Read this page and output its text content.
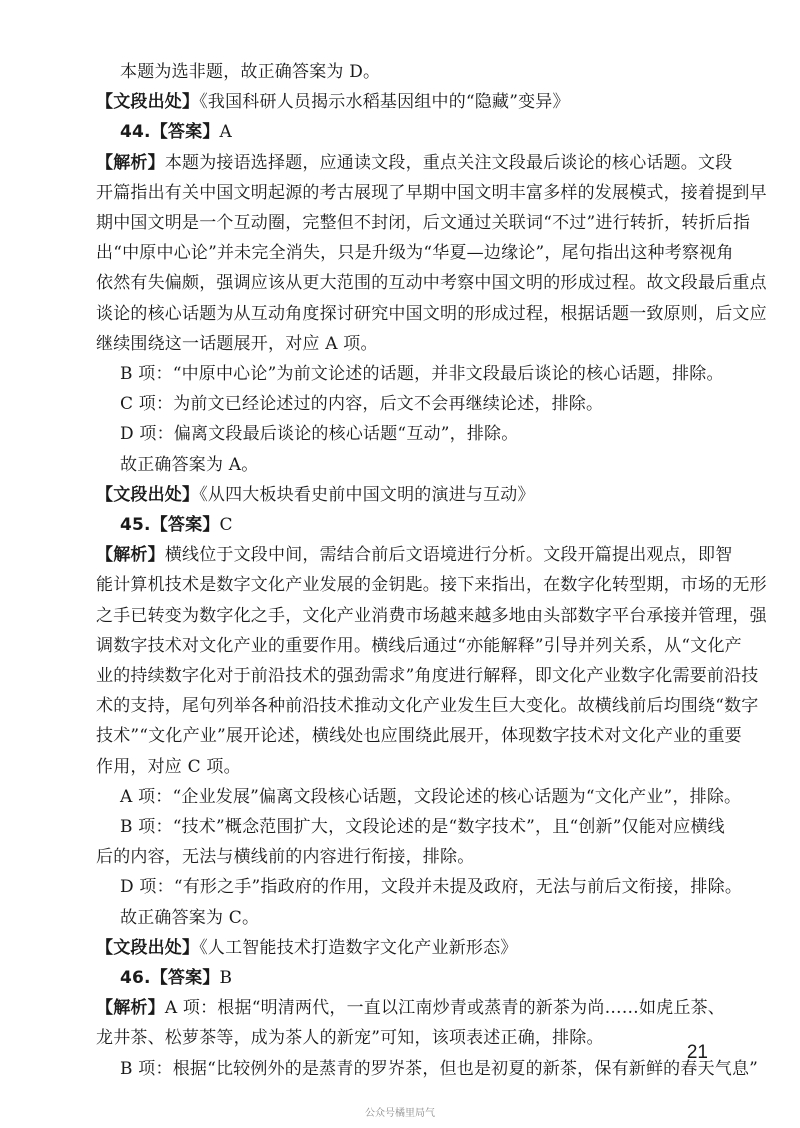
本题为选非题，故正确答案为 D。
【文段出处】《我国科研人员揭示水稻基因组中的“隐藏”变异》
44.【答案】A
【解析】本题为接语选择题，应通读文段，重点关注文段最后谈论的核心话题。文段
开篇指出有关中国文明起源的考古展现了早期中国文明丰富多样的发展模式，接着提到早
期中国文明是一个互动圈，完整但不封闭，后文通过关联词“不过”进行转折，转折后指
出“中原中心论”并未完全消失，只是升级为“华夏—边缘论”，尾句指出这种考察视角
依然有失偏颇，强调应该从更大范围的互动中考察中国文明的形成过程。故文段最后重点
谈论的核心话题为从互动角度探讨研究中国文明的形成过程，根据话题一致原则，后文应
继续围绕这一话题展开，对应 A 项。
B 项：“中原中心论”为前文论述的话题，并非文段最后谈论的核心话题，排除。
C 项：为前文已经论述过的内容，后文不会再继续论述，排除。
D 项：偏离文段最后谈论的核心话题“互动”，排除。
故正确答案为 A。
【文段出处】《从四大板块看史前中国文明的演进与互动》
45.【答案】C
【解析】横线位于文段中间，需结合前后文语境进行分析。文段开篇提出观点，即智
能计算机技术是数字文化产业发展的金钥匙。接下来指出，在数字化转型期，市场的无形
之手已转变为数字化之手，文化产业消费市场越来越多地由头部数字平台承接并管理，强
调数字技术对文化产业的重要作用。横线后通过“亦能解释”引导并列关系，从“文化产
业的持续数字化对于前沿技术的强劲需求”角度进行解释，即文化产业数字化需要前沿技
术的支持，尾句列举各种前沿技术推动文化产业发生巨大变化。故横线前后均围绕“数字
技术”“文化产业”展开论述，横线处也应围绕此展开，体现数字技术对文化产业的重要
作用，对应 C 项。
A 项：“企业发展”偏离文段核心话题，文段论述的核心话题为“文化产业”，排除。
B 项：“技术”概念范围扩大，文段论述的是“数字技术”，且“创新”仅能对应横线
后的内容，无法与横线前的内容进行衔接，排除。
D 项：“有形之手”指政府的作用，文段并未提及政府，无法与前后文衔接，排除。
故正确答案为 C。
【文段出处】《人工智能技术打造数字文化产业新形态》
46.【答案】B
【解析】A 项：根据“明清两代，一直以江南炒青或蒸青的新茶为尚……如虎丘茶、
龙井茶、松萝茶等，成为茶人的新宠”可知，该项表述正确，排除。
B 项：根据“比较例外的是蒸青的罗岕茶，但也是初夏的新茶，保有新鲜的春天气息”
21
公众号橘里局气
